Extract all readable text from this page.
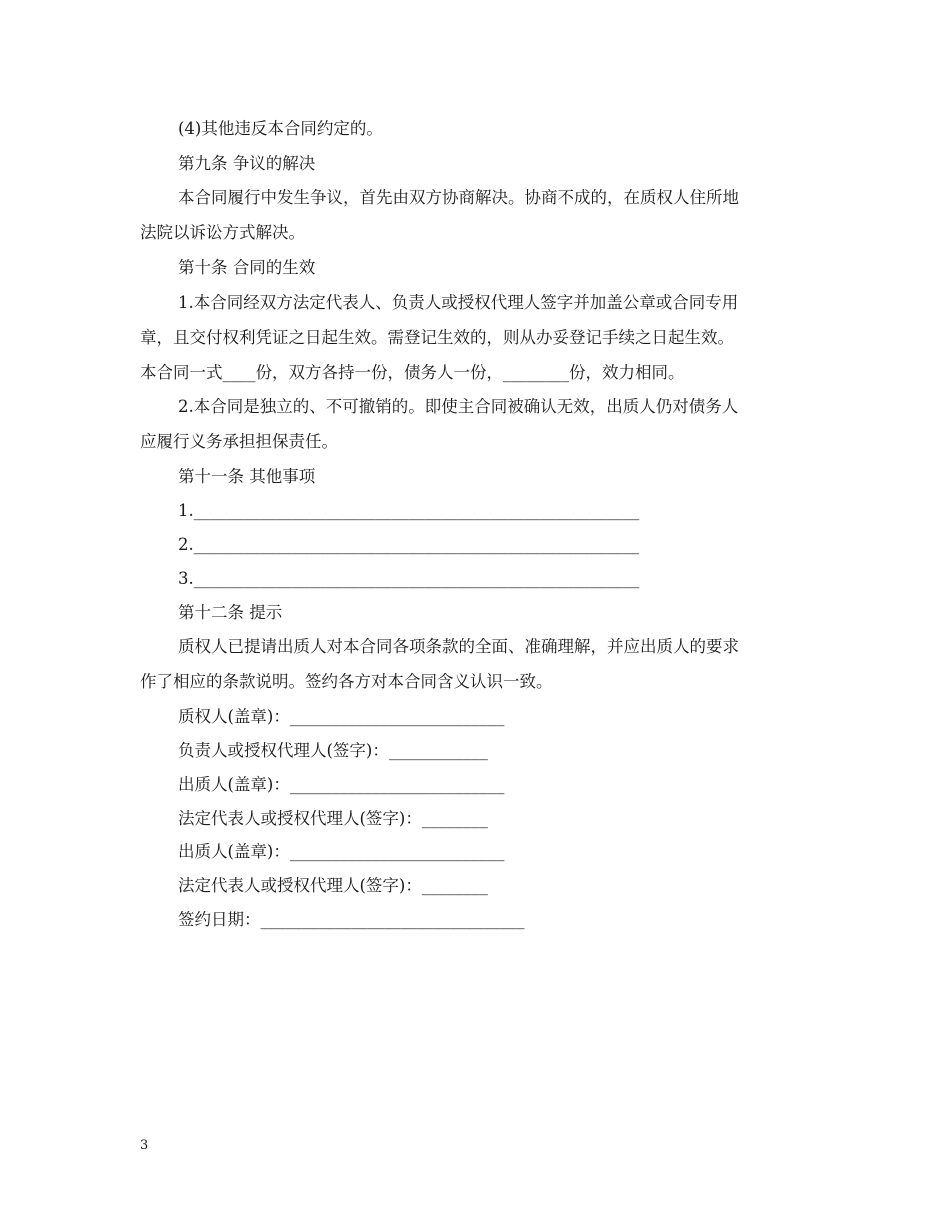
(4)其他违反本合同约定的。
第九条 争议的解决
本合同履行中发生争议，首先由双方协商解决。协商不成的，在质权人住所地
法院以诉讼方式解决。
第十条 合同的生效
1.本合同经双方法定代表人、负责人或授权代理人签字并加盖公章或合同专用
章，且交付权利凭证之日起生效。需登记生效的，则从办妥登记手续之日起生效。
本合同一式____份，双方各持一份，债务人一份，________份，效力相同。
2.本合同是独立的、不可撤销的。即使主合同被确认无效，出质人仍对债务人
应履行义务承担担保责任。
第十一条 其他事项
1.______________________________________________________
2.______________________________________________________
3.______________________________________________________
第十二条 提示
质权人已提请出质人对本合同各项条款的全面、准确理解，并应出质人的要求
作了相应的条款说明。签约各方对本合同含义认识一致。
质权人(盖章)：__________________________
负责人或授权代理人(签字)：____________
出质人(盖章)：__________________________
法定代表人或授权代理人(签字)：________
出质人(盖章)：__________________________
法定代表人或授权代理人(签字)：________
签约日期：________________________________
3
